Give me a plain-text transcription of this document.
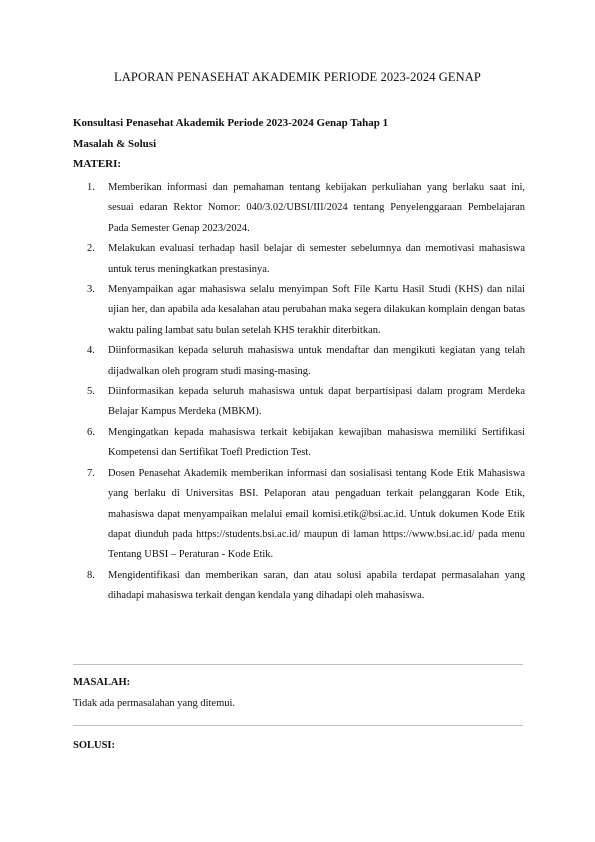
LAPORAN PENASEHAT AKADEMIK PERIODE 2023-2024 GENAP
Konsultasi Penasehat Akademik Periode 2023-2024 Genap Tahap 1
Masalah & Solusi
MATERI:
1. Memberikan informasi dan pemahaman tentang kebijakan perkuliahan yang berlaku saat ini, sesuai edaran Rektor Nomor: 040/3.02/UBSI/III/2024 tentang Penyelenggaraan Pembelajaran Pada Semester Genap 2023/2024.
2. Melakukan evaluasi terhadap hasil belajar di semester sebelumnya dan memotivasi mahasiswa untuk terus meningkatkan prestasinya.
3. Menyampaikan agar mahasiswa selalu menyimpan Soft File Kartu Hasil Studi (KHS) dan nilai ujian her, dan apabila ada kesalahan atau perubahan maka segera dilakukan komplain dengan batas waktu paling lambat satu bulan setelah KHS terakhir diterbitkan.
4. Diinformasikan kepada seluruh mahasiswa untuk mendaftar dan mengikuti kegiatan yang telah dijadwalkan oleh program studi masing-masing.
5. Diinformasikan kepada seluruh mahasiswa untuk dapat berpartisipasi dalam program Merdeka Belajar Kampus Merdeka (MBKM).
6. Mengingatkan kepada mahasiswa terkait kebijakan kewajiban mahasiswa memiliki Sertifikasi Kompetensi dan Sertifikat Toefl Prediction Test.
7. Dosen Penasehat Akademik memberikan informasi dan sosialisasi tentang Kode Etik Mahasiswa yang berlaku di Universitas BSI. Pelaporan atau pengaduan terkait pelanggaran Kode Etik, mahasiswa dapat menyampaikan melalui email komisi.etik@bsi.ac.id. Untuk dokumen Kode Etik dapat diunduh pada https://students.bsi.ac.id/ maupun di laman https://www.bsi.ac.id/ pada menu Tentang UBSI – Peraturan - Kode Etik.
8. Mengidentifikasi dan memberikan saran, dan atau solusi apabila terdapat permasalahan yang dihadapi mahasiswa terkait dengan kendala yang dihadapi oleh mahasiswa.
MASALAH:
Tidak ada permasalahan yang ditemui.
SOLUSI:
